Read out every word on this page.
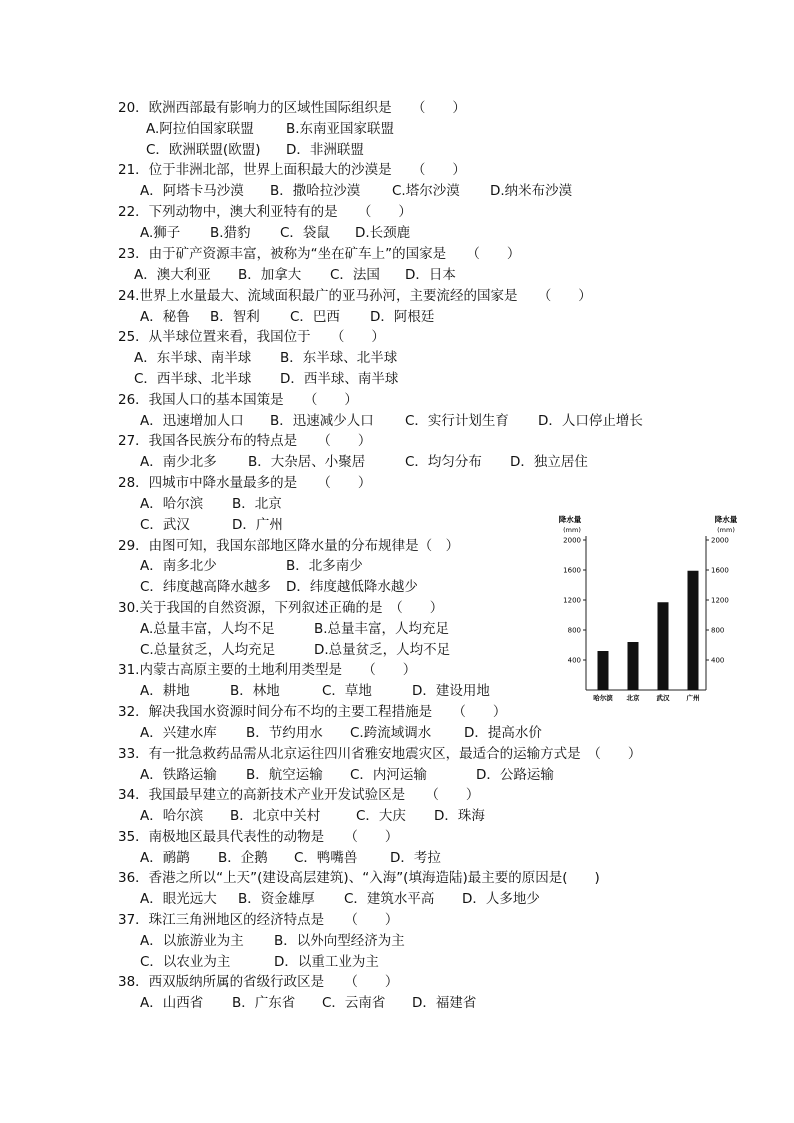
20．欧洲西部最有影响力的区域性国际组织是　　（　　）
A.阿拉伯国家联盟 B.东南亚国家联盟
C．欧洲联盟(欧盟) D．非洲联盟
21．位于非洲北部，世界上面积最大的沙漠是　　（　　）
A．阿塔卡马沙漠 B．撒哈拉沙漠 C.塔尔沙漠 D.纳米布沙漠
22．下列动物中，澳大利亚特有的是　　（　　）
A.狮子 B.猎豹 C．袋鼠 D.长颈鹿
23．由于矿产资源丰富，被称为“坐在矿车上”的国家是　　（　　）
A．澳大利亚 B．加拿大 C．法国 D．日本
24.世界上水量最大、流域面积最广的亚马孙河，主要流经的国家是　　（　　）
A．秘鲁 B．智利 C．巴西 D．阿根廷
25．从半球位置来看，我国位于　　（　　）
A．东半球、南半球 B．东半球、北半球
C．西半球、北半球 D．西半球、南半球
26．我国人口的基本国策是　　（　　）
A．迅速增加人口 B．迅速减少人口 C．实行计划生育 D．人口停止增长
27．我国各民族分布的特点是　　（　　）
A．南少北多 B．大杂居、小聚居	C．均匀分布 D．独立居住
28．四城市中降水量最多的是　　（　　）
A．哈尔滨 B．北京
C．武汉	D．广州
29．由图可知，我国东部地区降水量的分布规律是（　）
A．南多北少	B．北多南少
C．纬度越高降水越多 D．纬度越低降水越少
30.关于我国的自然资源，下列叙述正确的是　（　　）
A.总量丰富，人均不足	B.总量丰富，人均充足
C.总量贫乏，人均充足	D.总量贫乏，人均不足
31.内蒙古高原主要的土地利用类型是　　（　　）
A．耕地	B．林地	C．草地	D．建设用地
32．解决我国水资源时间分布不均的主要工程措施是　　（　　）
A．兴建水库 B．节约用水 C.跨流域调水 D．提高水价
33．有一批急救药品需从北京运往四川省雅安地震灾区，最适合的运输方式是　（　　）
A．铁路运输 B．航空运输 C．内河运输	D．公路运输
34．我国最早建立的高新技术产业开发试验区是　　（　　）
A．哈尔滨 B．北京中关村	C．大庆 D．珠海
35．南极地区最具代表性的动物是　　（　　）
A．鸸鹋 B．企鹅 C．鸭嘴兽 D．考拉
36．香港之所以“上天”(建设高层建筑)、“入海”(填海造陆)最主要的原因是(　　)
A．眼光远大 B．资金雄厚 C．建筑水平高 D．人多地少
37．珠江三角洲地区的经济特点是　　（　　）
A．以旅游业为主 B．以外向型经济为主
C．以农业为主	D．以重工业为主
38．西双版纳所属的省级行政区是　　（　　）
A．山西省 B．广东省 C．云南省 D．福建省
降水量
(mm)
降水量
(mm)
400
800
1200
1600
2000
400
800
1200
1600
2000
哈尔滨 北京	武汉	广州
